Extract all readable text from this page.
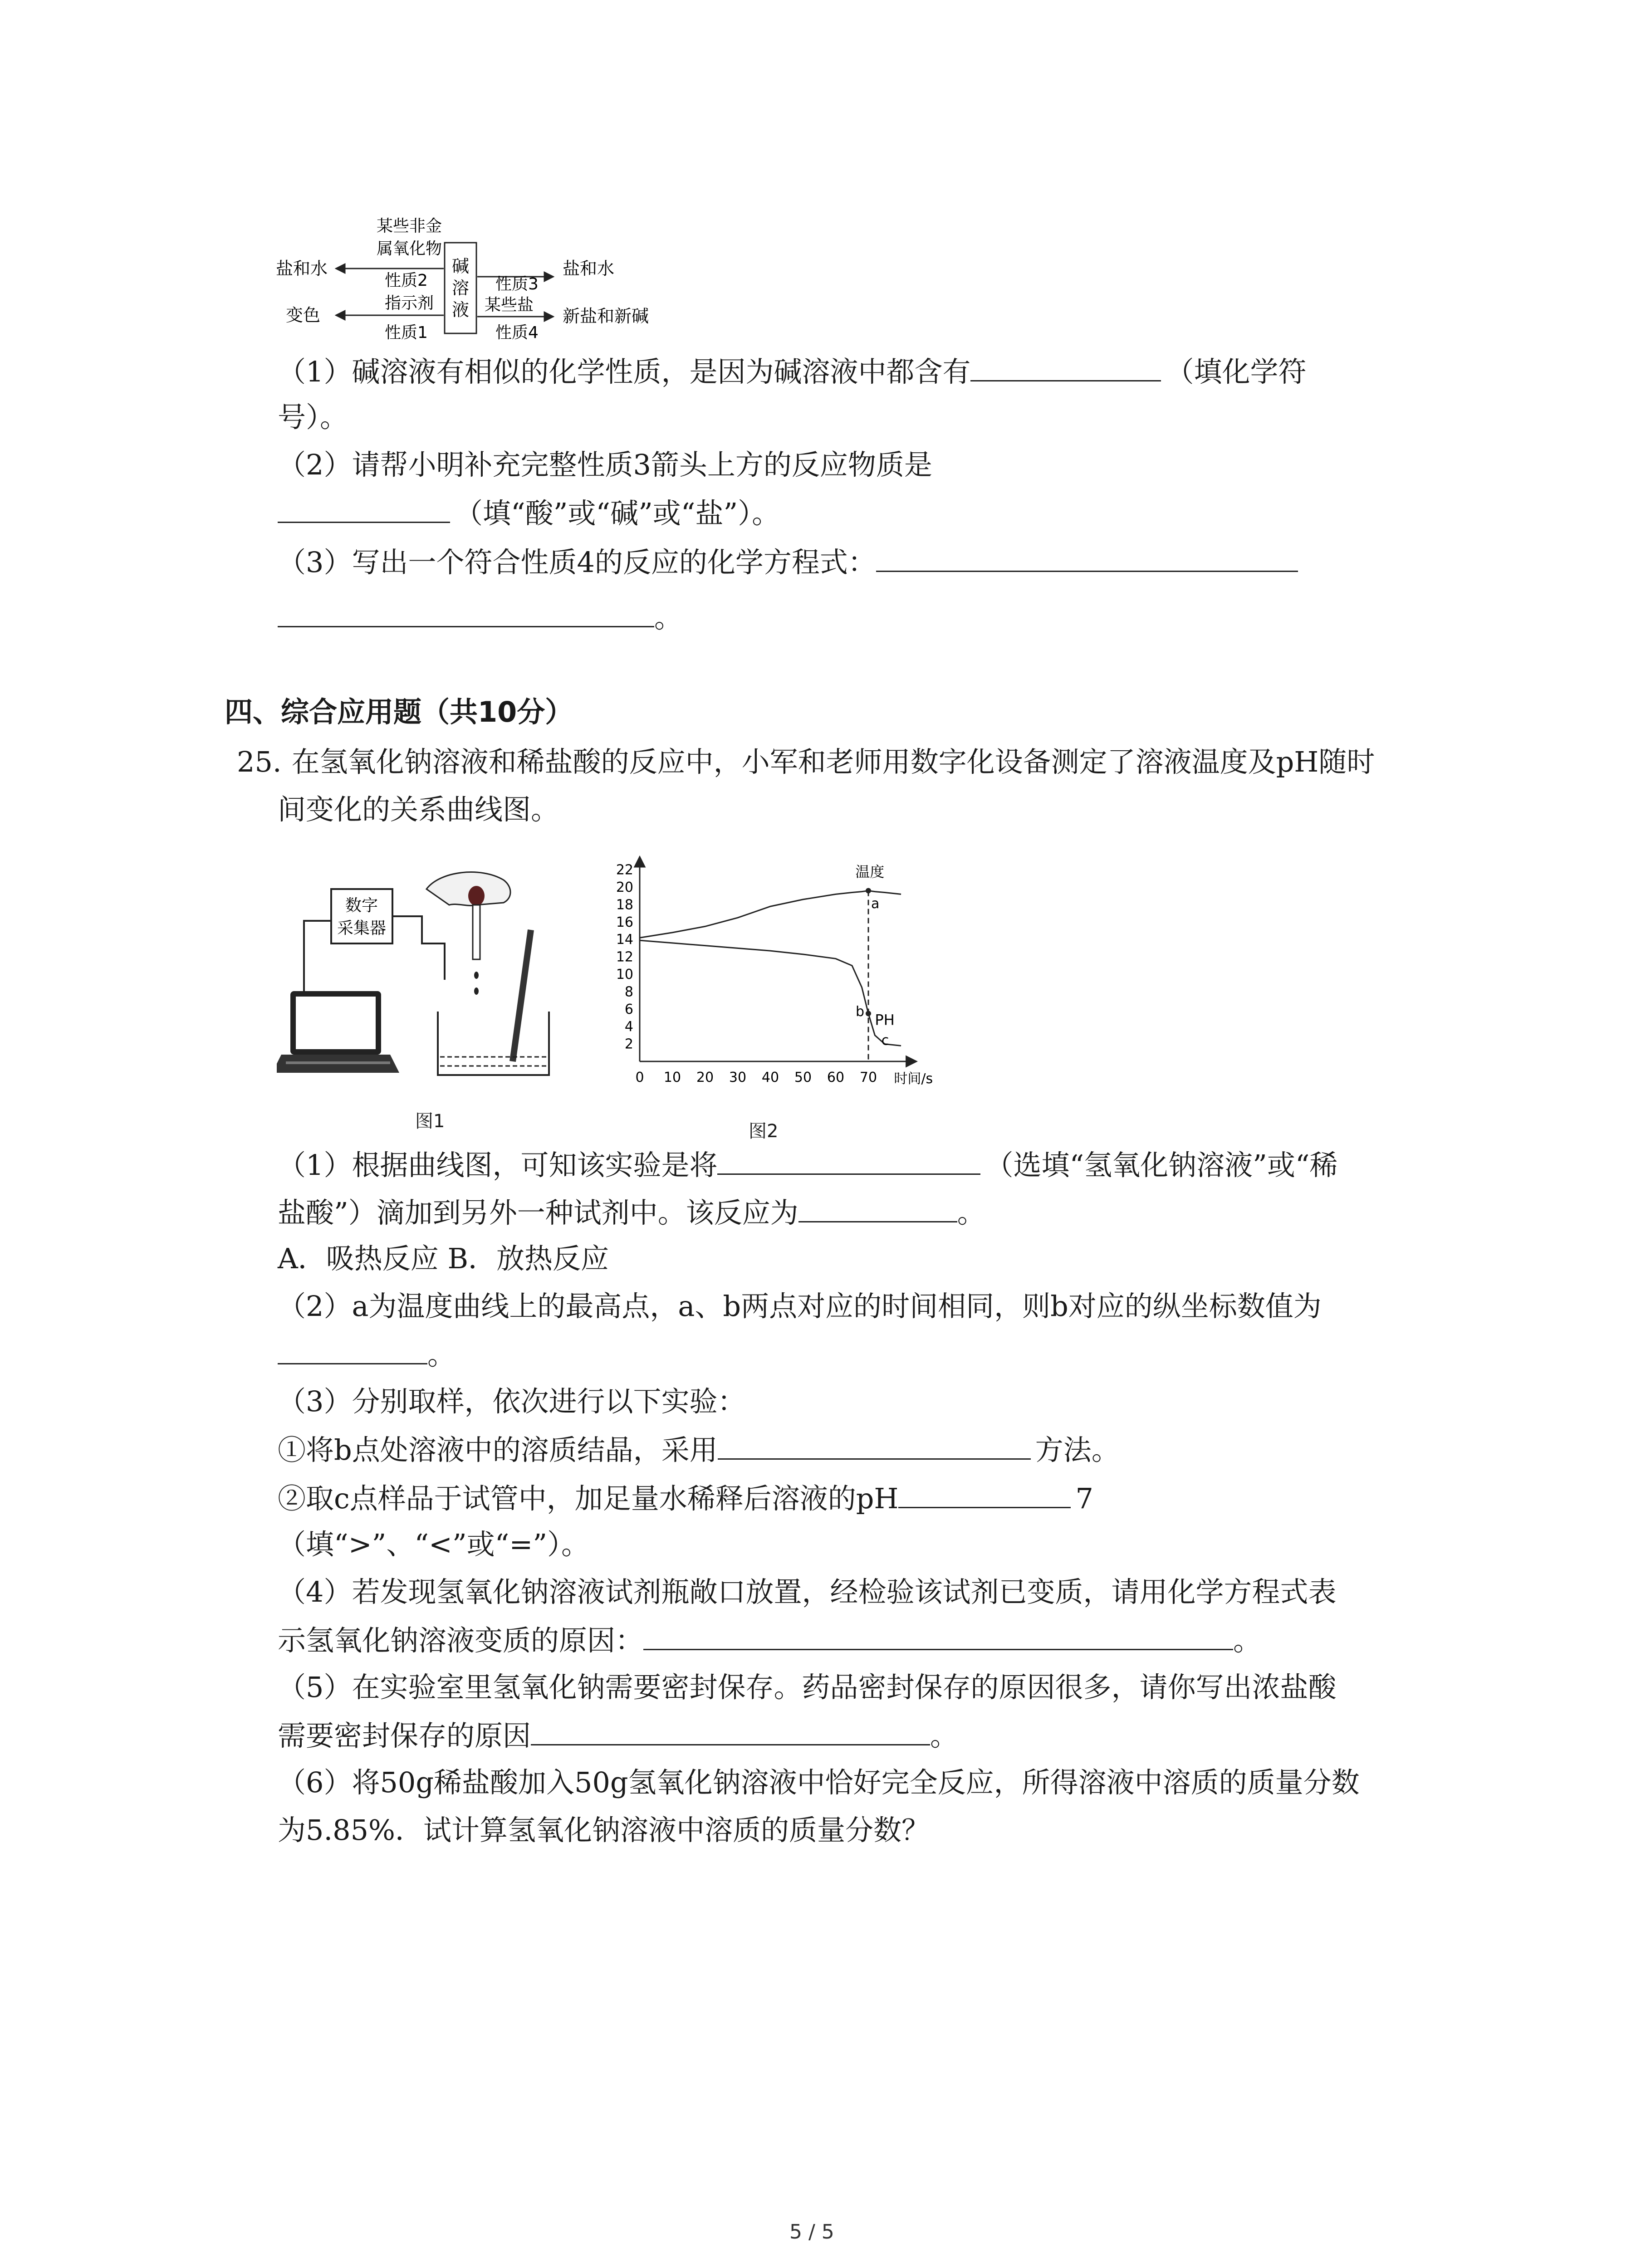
碱
溶
液
某些非金
属氧化物
盐和水
性质2
指示剂
变色
性质1
性质3
盐和水
某些盐
性质4
新盐和新碱
（1）碱溶液有相似的化学性质，是因为碱溶液中都含有	（填化学符
号）。
（2）请帮小明补充完整性质3箭头上方的反应物质是
（填“酸”或“碱”或“盐”）。
（3）写出一个符合性质4的反应的化学方程式：
。
四、综合应用题（共10分）
25. 在氢氧化钠溶液和稀盐酸的反应中，小军和老师用数字化设备测定了溶液温度及pH随时
间变化的关系曲线图。
数字
采集器
图1
2
4
6
8
10
12
14
16
18
20
22
0 10 20 30 40 50 60 70 时间/s
温度
PH
a
b
c
图2
（1）根据曲线图，可知该实验是将	（选填“氢氧化钠溶液”或“稀
盐酸”）滴加到另外一种试剂中。该反应为	。
A．吸热反应 B．放热反应
（2）a为温度曲线上的最高点，a、b两点对应的时间相同，则b对应的纵坐标数值为
。
（3）分别取样，依次进行以下实验：
①将b点处溶液中的溶质结晶，采用	方法。
②取c点样品于试管中，加足量水稀释后溶液的pH	7
（填“>”、“<”或“=”）。
（4）若发现氢氧化钠溶液试剂瓶敞口放置，经检验该试剂已变质，请用化学方程式表
示氢氧化钠溶液变质的原因：	。
（5）在实验室里氢氧化钠需要密封保存。药品密封保存的原因很多，请你写出浓盐酸
需要密封保存的原因	。
（6）将50g稀盐酸加入50g氢氧化钠溶液中恰好完全反应，所得溶液中溶质的质量分数
为5.85%．试计算氢氧化钠溶液中溶质的质量分数？
5 / 5
